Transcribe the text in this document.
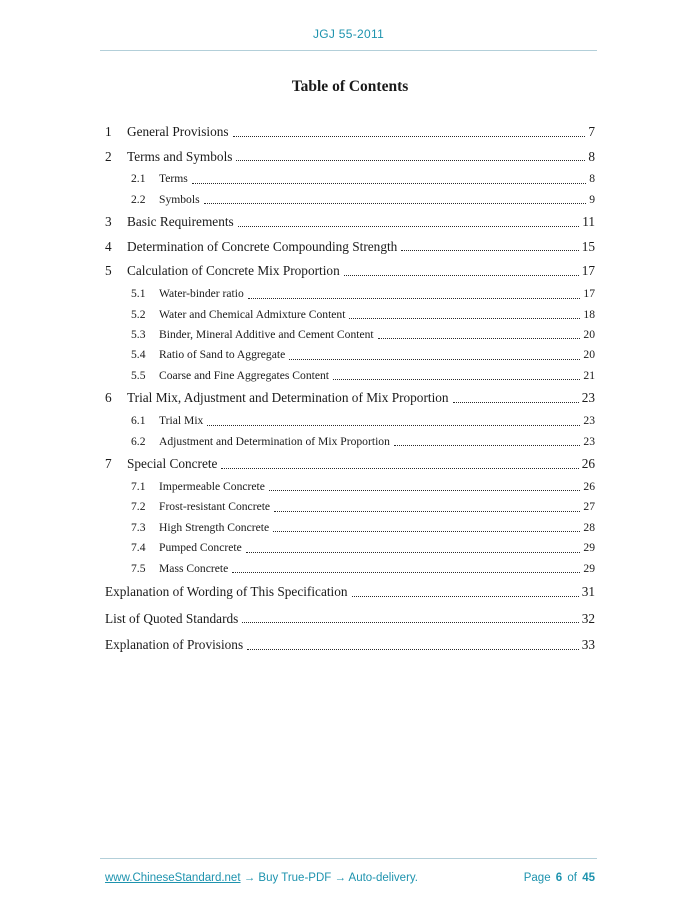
JGJ 55-2011
Table of Contents
1	General Provisions	7
2	Terms and Symbols	8
2.1	Terms	8
2.2	Symbols	9
3	Basic Requirements	11
4	Determination of Concrete Compounding Strength	15
5	Calculation of Concrete Mix Proportion	17
5.1	Water-binder ratio	17
5.2	Water and Chemical Admixture Content	18
5.3	Binder, Mineral Additive and Cement Content	20
5.4	Ratio of Sand to Aggregate	20
5.5	Coarse and Fine Aggregates Content	21
6	Trial Mix, Adjustment and Determination of Mix Proportion	23
6.1	Trial Mix	23
6.2	Adjustment and Determination of Mix Proportion	23
7	Special Concrete	26
7.1	Impermeable Concrete	26
7.2	Frost-resistant Concrete	27
7.3	High Strength Concrete	28
7.4	Pumped Concrete	29
7.5	Mass Concrete	29
Explanation of Wording of This Specification	31
List of Quoted Standards	32
Explanation of Provisions	33
www.ChineseStandard.net → Buy True-PDF → Auto-delivery.	Page 6 of 45
